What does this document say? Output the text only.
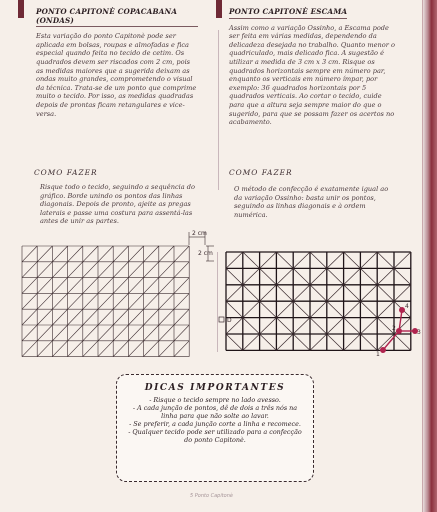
PONTO CAPITONÈ COPACABANA (ONDAS)

Esta variação do ponto Capitonè pode ser aplicada em bolsas, roupas e almofadas e fica especial quando feita no tecido de cetim. Os quadrados devem ser riscados com 2 cm, pois as medidas maiores que a sugerida deixam as ondas muito grandes, comprometendo o visual da técnica. Trata-se de um ponto que comprime muito o tecido. Por isso, as medidas quadradas depois de prontas ficam retangulares e vice-versa.

PONTO CAPITONÈ ESCAMA

Assim como a variação Ossinho, a Escama pode ser feita em várias medidas, dependendo da delicadeza desejada no trabalho. Quanto menor o quadriculado, mais delicado fica. A sugestão é utilizar a medida de 3 cm x 3 cm. Risque os quadrados horizontais sempre em número par, enquanto os verticais em número ímpar, por exemplo: 36 quadrados horizontais por 5 quadrados verticais. Ao cortar o tecido, cuide para que a altura seja sempre maior do que o sugerido, para que se possam fazer os acertos no acabamento.

COMO FAZER	COMO FAZER
Risque todo o tecido, seguindo a sequência do gráfico. Borde unindo os pontos das linhas diagonais. Depois de pronto, ajeite as pregas laterais e passe uma costura para assentá-las antes de unir as partes.
O método de confecção é exatamente igual ao da variação Ossinho: basta unir os pontos, seguindo as linhas diagonais e à ordem numérica.
2 cm
2 cm
D
1
2
3
4
DICAS IMPORTANTES
- Risque o tecido sempre no lado avesso.
- A cada junção de pontos, dê de dois a três nós na linha para que não solte ao lavar.
- Se preferir, a cada junção corte a linha e recomece.
- Qualquer tecido pode ser utilizado para a confecção do ponto Capitonè.
5 Ponto Capitonè
